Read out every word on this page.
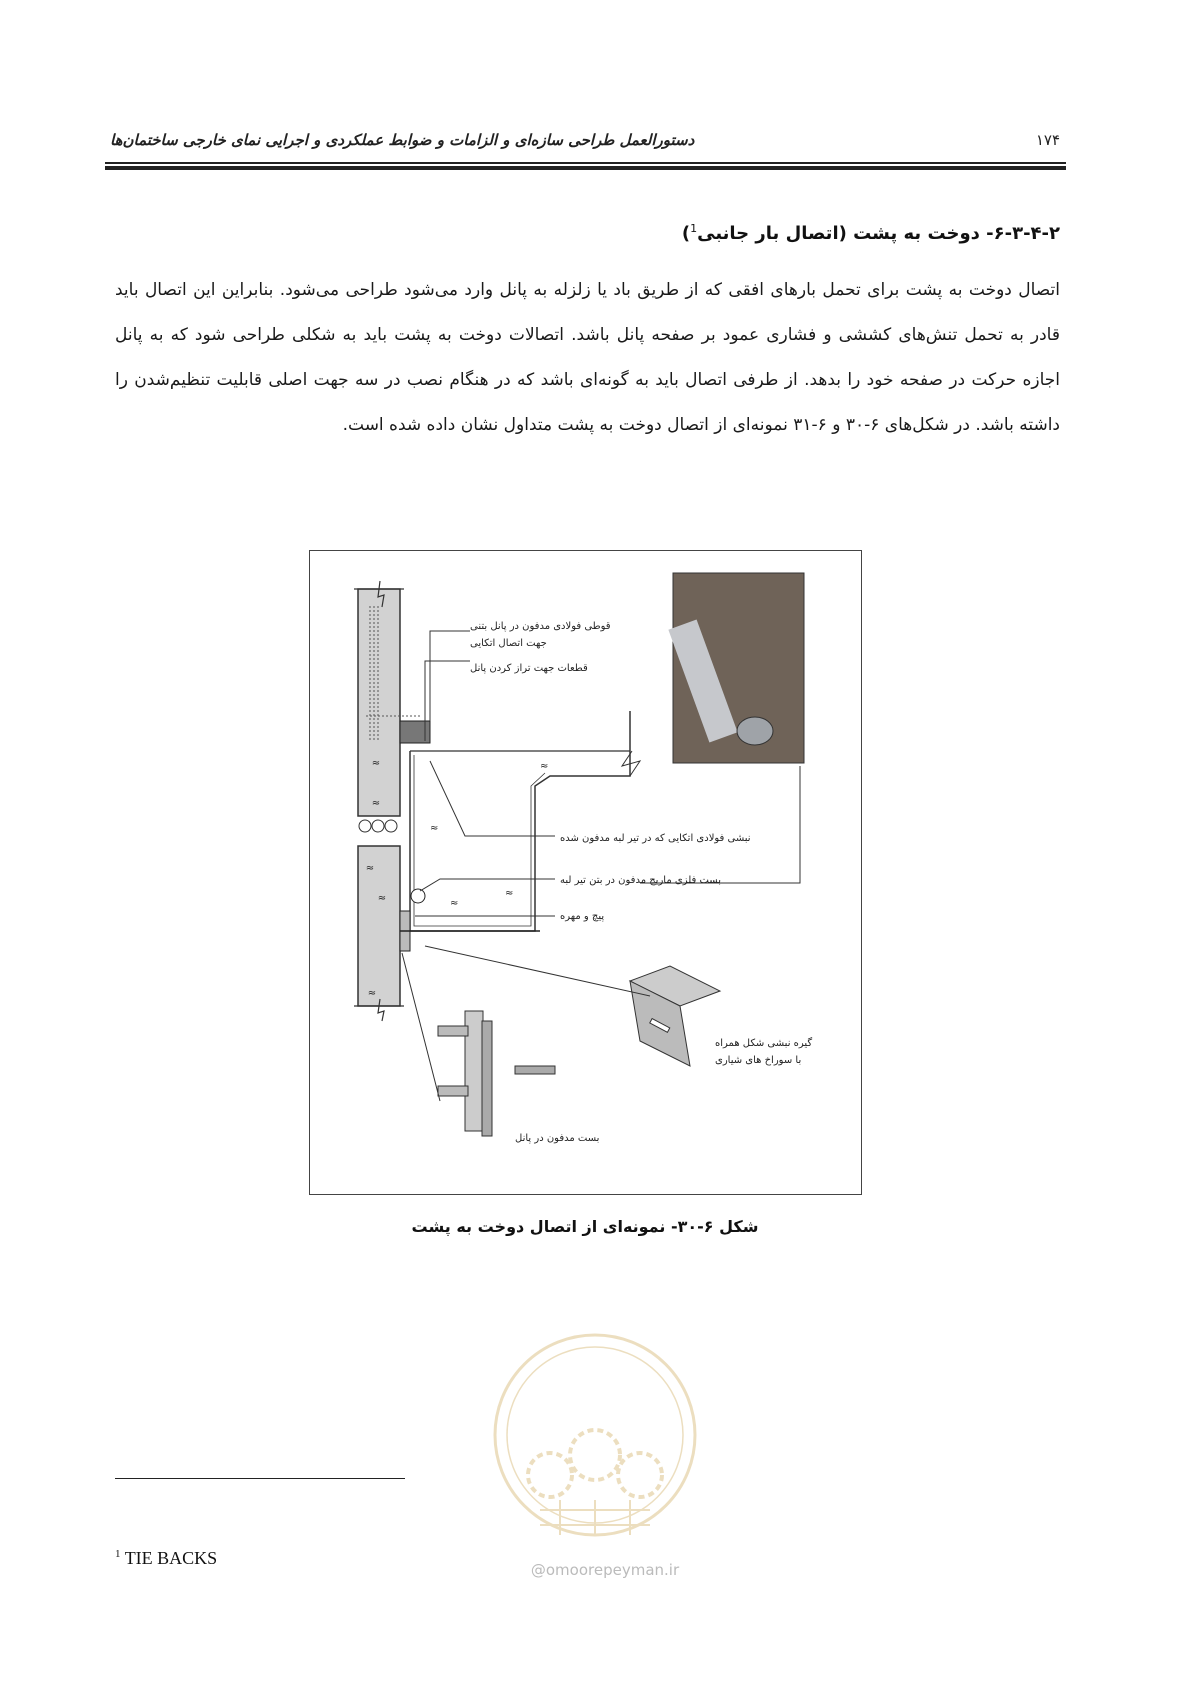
دستورالعمل طراحی سازه‌ای و الزامات و ضوابط عملکردی و اجرایی نمای خارجی ساختمان‌ها	۱۷۴
۶-۳-۴-۲- دوخت به پشت (اتصال بار جانبی$^1$)
اتصال دوخت به پشت برای تحمل بارهای افقی که از طریق باد یا زلزله به پانل وارد می‌شود طراحی می‌شود. بنابراین این اتصال باید قادر به تحمل تنش‌های کششی و فشاری عمود بر صفحه پانل باشد. اتصالات دوخت به پشت باید به شکلی طراحی شود که به پانل اجازه حرکت در صفحه خود را بدهد. از طرفی اتصال باید به گونه‌ای باشد که در هنگام نصب در سه جهت اصلی قابلیت تنظیم‌شدن را داشته باشد. در شکل‌های ۶-۳۰ و ۶-۳۱ نمونه‌ای از اتصال دوخت به پشت متداول نشان داده شده است.
≈
≈
≈
≈
≈
≈
≈
≈
≈
قوطی فولادی مدفون در پانل بتنی
جهت اتصال اتکایی
قطعات جهت تراز کردن پانل
نبشی فولادی اتکایی که در تیر لبه مدفون شده
بست فلزی ماریچ مدفون در بتن تیر لبه
پیچ و مهره
گیره نبشی شکل همراه
با سوراخ های شیاری
بست مدفون در پانل
شکل ۶-۳۰- نمونه‌ای از اتصال دوخت به پشت
@omoorepeyman.ir
$^1$ TIE BACKS
